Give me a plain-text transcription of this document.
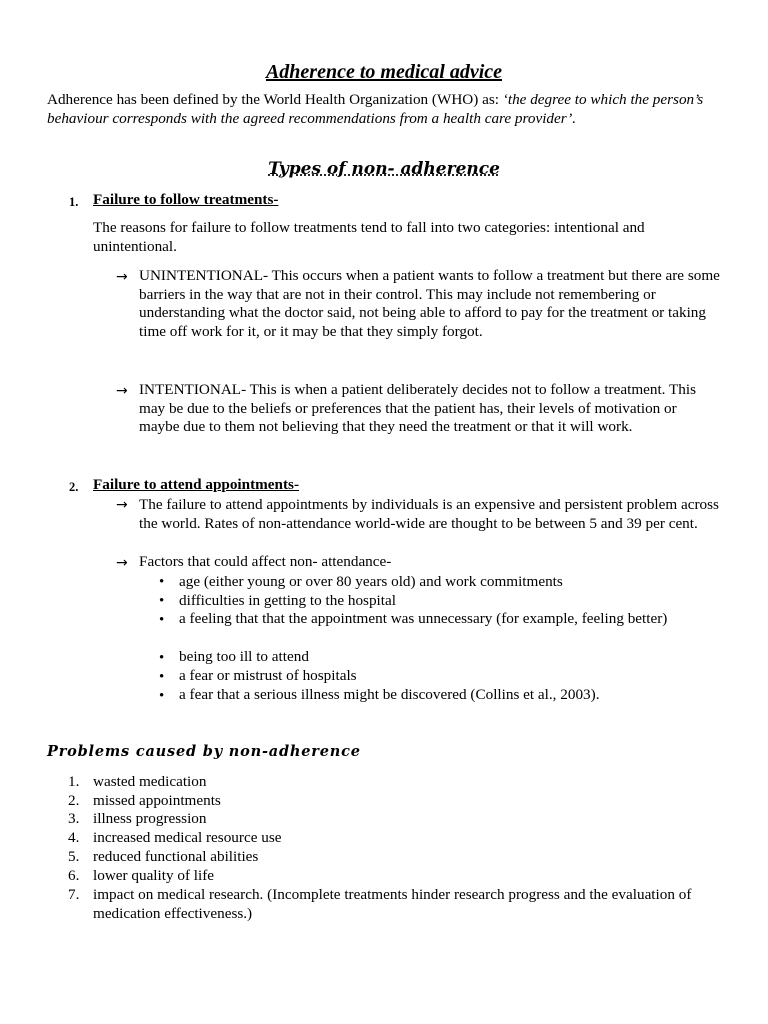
Adherence to medical advice
Adherence has been defined by the World Health Organization (WHO) as: ‘the degree to which the person’s behaviour corresponds with the agreed recommendations from a health care provider’.
Types of non- adherence
1. Failure to follow treatments-
The reasons for failure to follow treatments tend to fall into two categories: intentional and unintentional.
→ UNINTENTIONAL- This occurs when a patient wants to follow a treatment but there are some barriers in the way that are not in their control. This may include not remembering or understanding what the doctor said, not being able to afford to pay for the treatment or taking time off work for it, or it may be that they simply forgot.
→ INTENTIONAL- This is when a patient deliberately decides not to follow a treatment. This may be due to the beliefs or preferences that the patient has, their levels of motivation or maybe due to them not believing that they need the treatment or that it will work.
2. Failure to attend appointments-
→ The failure to attend appointments by individuals is an expensive and persistent problem across the world. Rates of non-attendance world-wide are thought to be between 5 and 39 per cent.
→ Factors that could affect non- attendance-
• age (either young or over 80 years old) and work commitments
• difficulties in getting to the hospital
• a feeling that that the appointment was unnecessary (for example, feeling better)
• being too ill to attend
• a fear or mistrust of hospitals
• a fear that a serious illness might be discovered (Collins et al., 2003).
Problems caused by non-adherence
1. wasted medication
2. missed appointments
3. illness progression
4. increased medical resource use
5. reduced functional abilities
6. lower quality of life
7. impact on medical research. (Incomplete treatments hinder research progress and the evaluation of medication effectiveness.)
